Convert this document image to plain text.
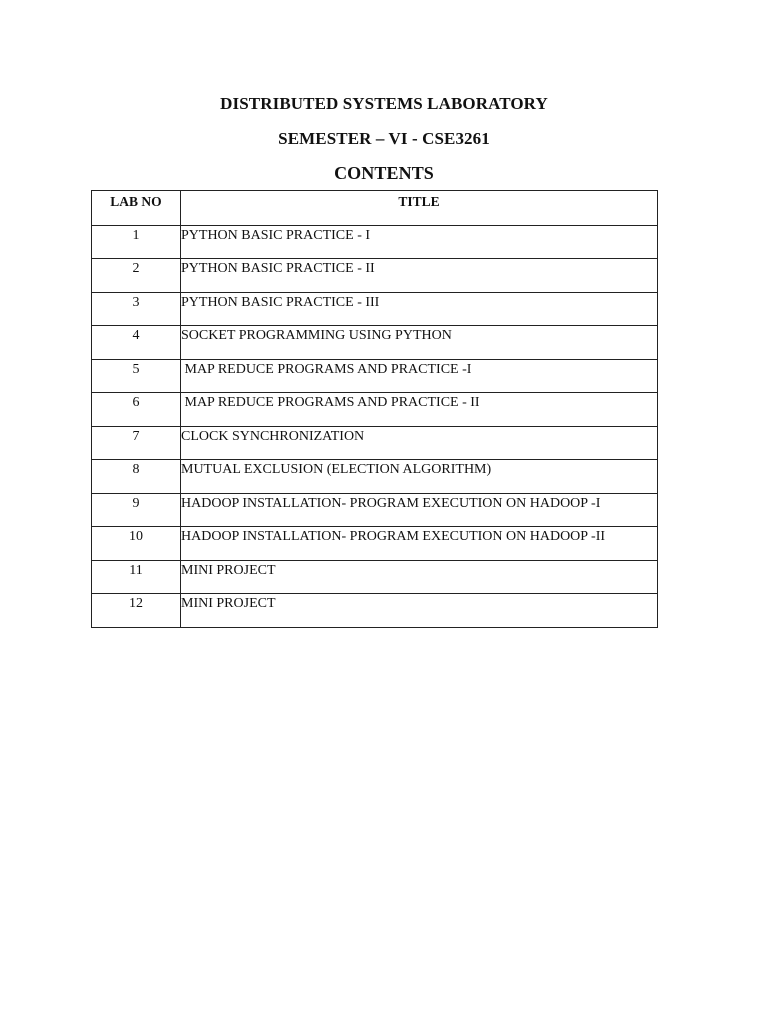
DISTRIBUTED SYSTEMS LABORATORY
SEMESTER – VI - CSE3261
CONTENTS
LAB NO	TITLE
1	PYTHON BASIC PRACTICE - I
2	PYTHON BASIC PRACTICE - II
3	PYTHON BASIC PRACTICE - III
4	SOCKET PROGRAMMING USING PYTHON
5	MAP REDUCE PROGRAMS AND PRACTICE -I
6	MAP REDUCE PROGRAMS AND PRACTICE - II
7	CLOCK SYNCHRONIZATION
8	MUTUAL EXCLUSION (ELECTION ALGORITHM)
9	HADOOP INSTALLATION- PROGRAM EXECUTION ON HADOOP -I
10	HADOOP INSTALLATION- PROGRAM EXECUTION ON HADOOP -II
11	MINI PROJECT
12	MINI PROJECT
